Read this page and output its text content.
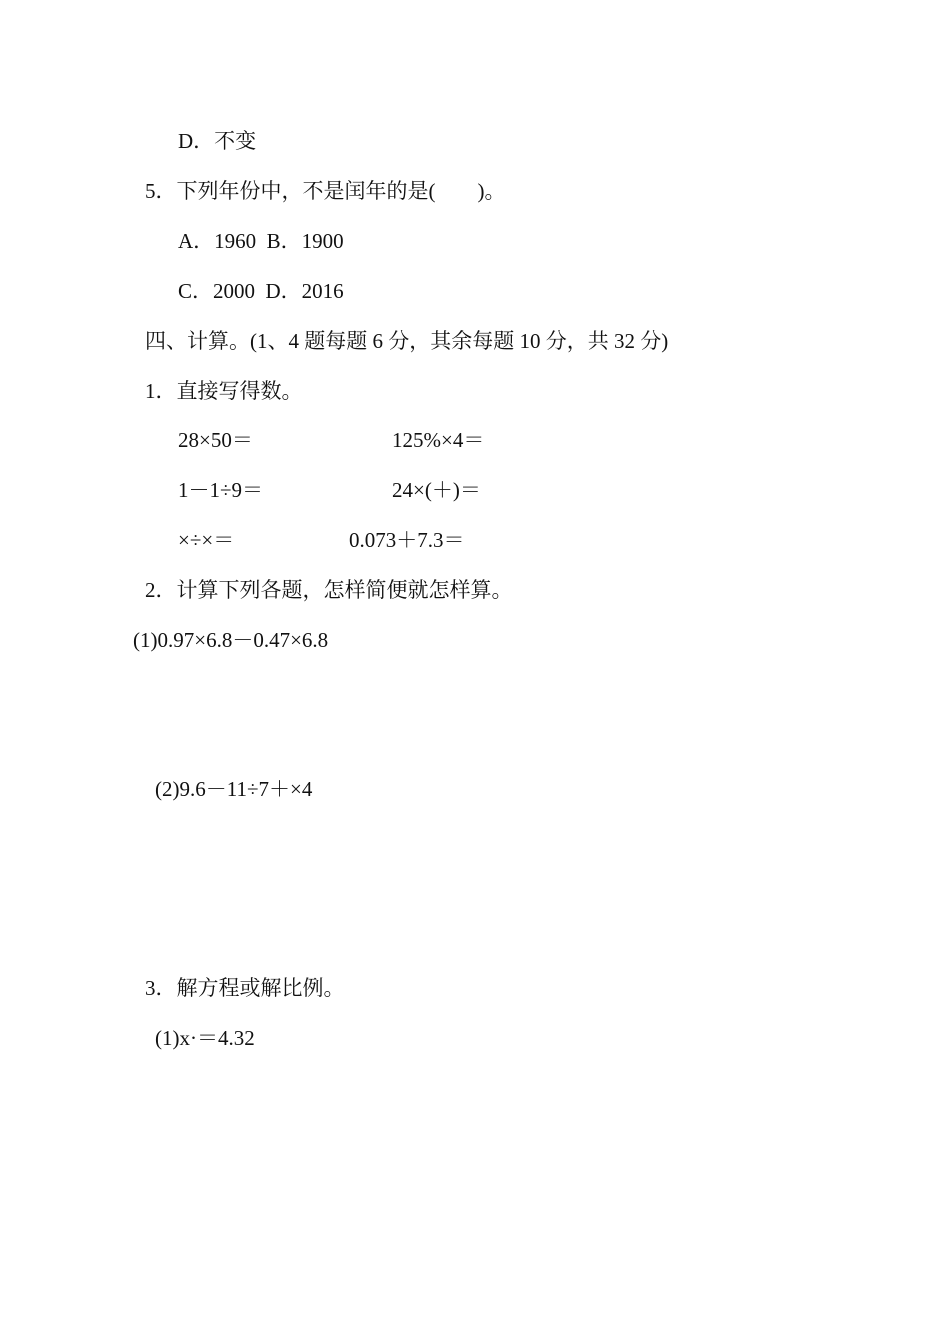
D．不变
5．下列年份中，不是闰年的是(　　)。
A．1960  B．1900
C．2000  D．2016
四、计算。(1、4 题每题 6 分，其余每题 10 分，共 32 分)
1．直接写得数。
28×50＝	125%×4＝
1－1÷9＝	24×(＋)＝
×÷×＝	0.073＋7.3＝
2．计算下列各题，怎样简便就怎样算。
(1)0.97×6.8－0.47×6.8
(2)9.6－11÷7＋×4
3．解方程或解比例。
(1)x·＝4.32
